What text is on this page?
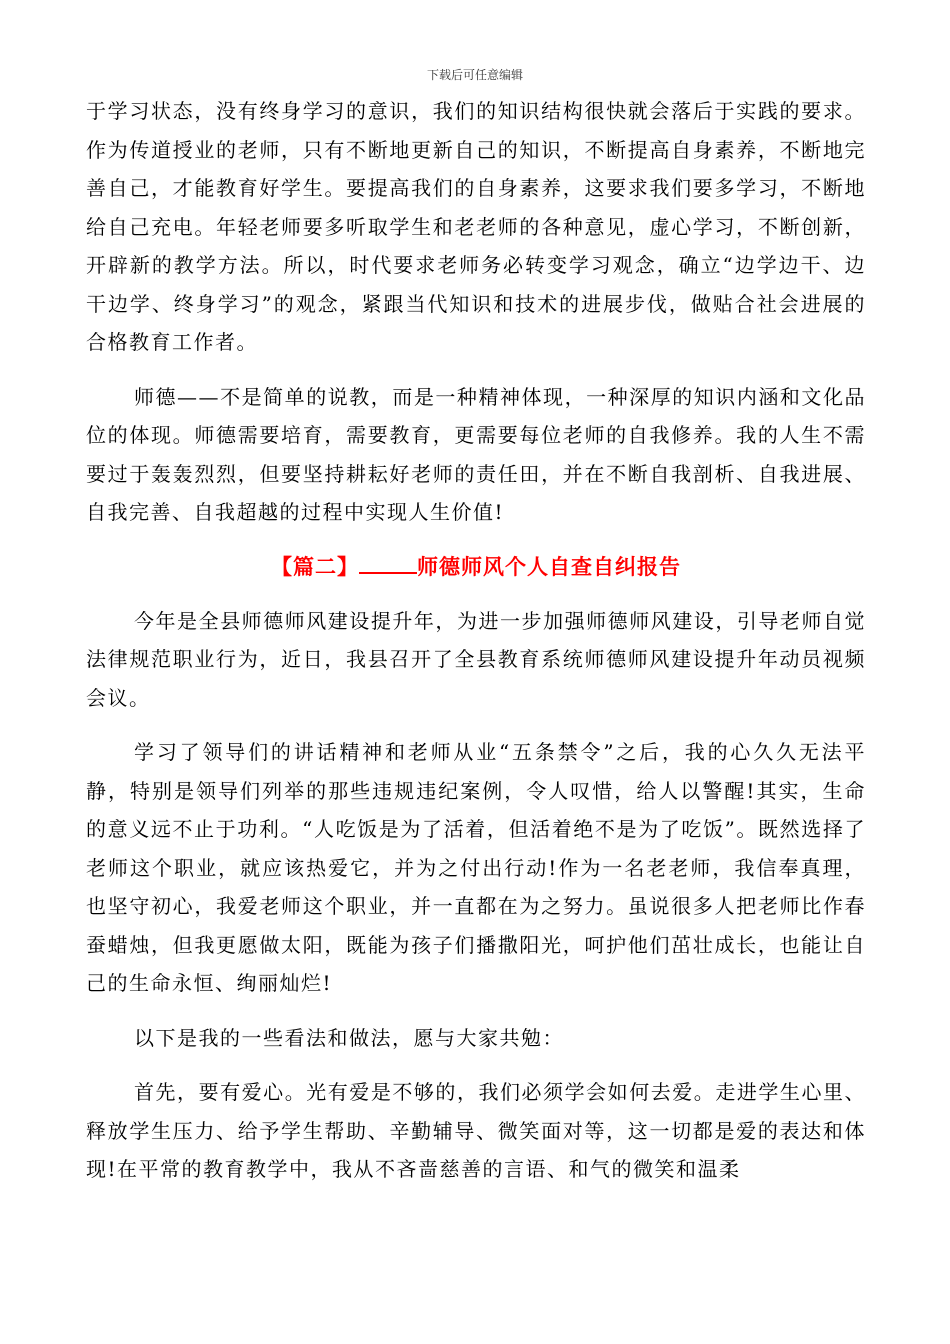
下载后可任意编辑

于学习状态，没有终身学习的意识，我们的知识结构很快就会落后于实践的要求。作为传道授业的老师，只有不断地更新自己的知识，不断提高自身素养，不断地完善自己，才能教育好学生。要提高我们的自身素养，这要求我们要多学习，不断地给自己充电。年轻老师要多听取学生和老老师的各种意见，虚心学习，不断创新，开辟新的教学方法。所以，时代要求老师务必转变学习观念，确立“边学边干、边干边学、终身学习”的观念，紧跟当代知识和技术的进展步伐，做贴合社会进展的合格教育工作者。

师德——不是简单的说教，而是一种精神体现，一种深厚的知识内涵和文化品位的体现。师德需要培育，需要教育，更需要每位老师的自我修养。我的人生不需要过于轰轰烈烈，但要坚持耕耘好老师的责任田，并在不断自我剖析、自我进展、自我完善、自我超越的过程中实现人生价值!

【篇二】	师德师风个人自查自纠报告

今年是全县师德师风建设提升年，为进一步加强师德师风建设，引导老师自觉法律规范职业行为，近日，我县召开了全县教育系统师德师风建设提升年动员视频会议。

学习了领导们的讲话精神和老师从业“五条禁令”之后，我的心久久无法平静，特别是领导们列举的那些违规违纪案例，令人叹惜，给人以警醒!其实，生命的意义远不止于功利。“人吃饭是为了活着，但活着绝不是为了吃饭”。既然选择了老师这个职业，就应该热爱它，并为之付出行动!作为一名老老师，我信奉真理，也坚守初心，我爱老师这个职业，并一直都在为之努力。虽说很多人把老师比作春蚕蜡烛，但我更愿做太阳，既能为孩子们播撒阳光，呵护他们茁壮成长，也能让自己的生命永恒、绚丽灿烂!

以下是我的一些看法和做法，愿与大家共勉：

首先，要有爱心。光有爱是不够的，我们必须学会如何去爱。走进学生心里、释放学生压力、给予学生帮助、辛勤辅导、微笑面对等，这一切都是爱的表达和体现!在平常的教育教学中，我从不吝啬慈善的言语、和气的微笑和温柔
